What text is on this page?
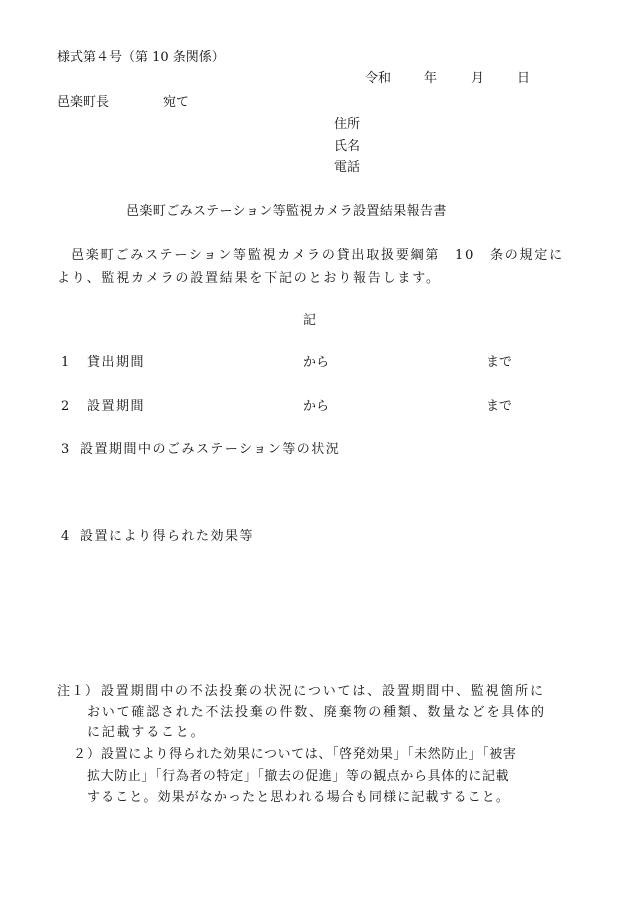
様式第４号（第 10 条関係）
令和	年	月	日
邑楽町長	宛て
住所
氏名
電話
邑楽町ごみステーション等監視カメラ設置結果報告書
邑楽町ごみステーション等監視カメラの貸出取扱要綱第　10　条の規定に
より、監視カメラの設置結果を下記のとおり報告します。
記
1 貸出期間	から	まで
2 設置期間	から	まで
3 設置期間中のごみステーション等の状況
4 設置により得られた効果等
注１） 設置期間中の不法投棄の状況については、設置期間中、監視箇所に
おいて確認された不法投棄の件数、廃棄物の種類、数量などを具体的
に記載すること。
２） 設置により得られた効果については、「啓発効果」「未然防止」「被害
拡大防止」「行為者の特定」「撤去の促進」等の観点から具体的に記載
すること。効果がなかったと思われる場合も同様に記載すること。
